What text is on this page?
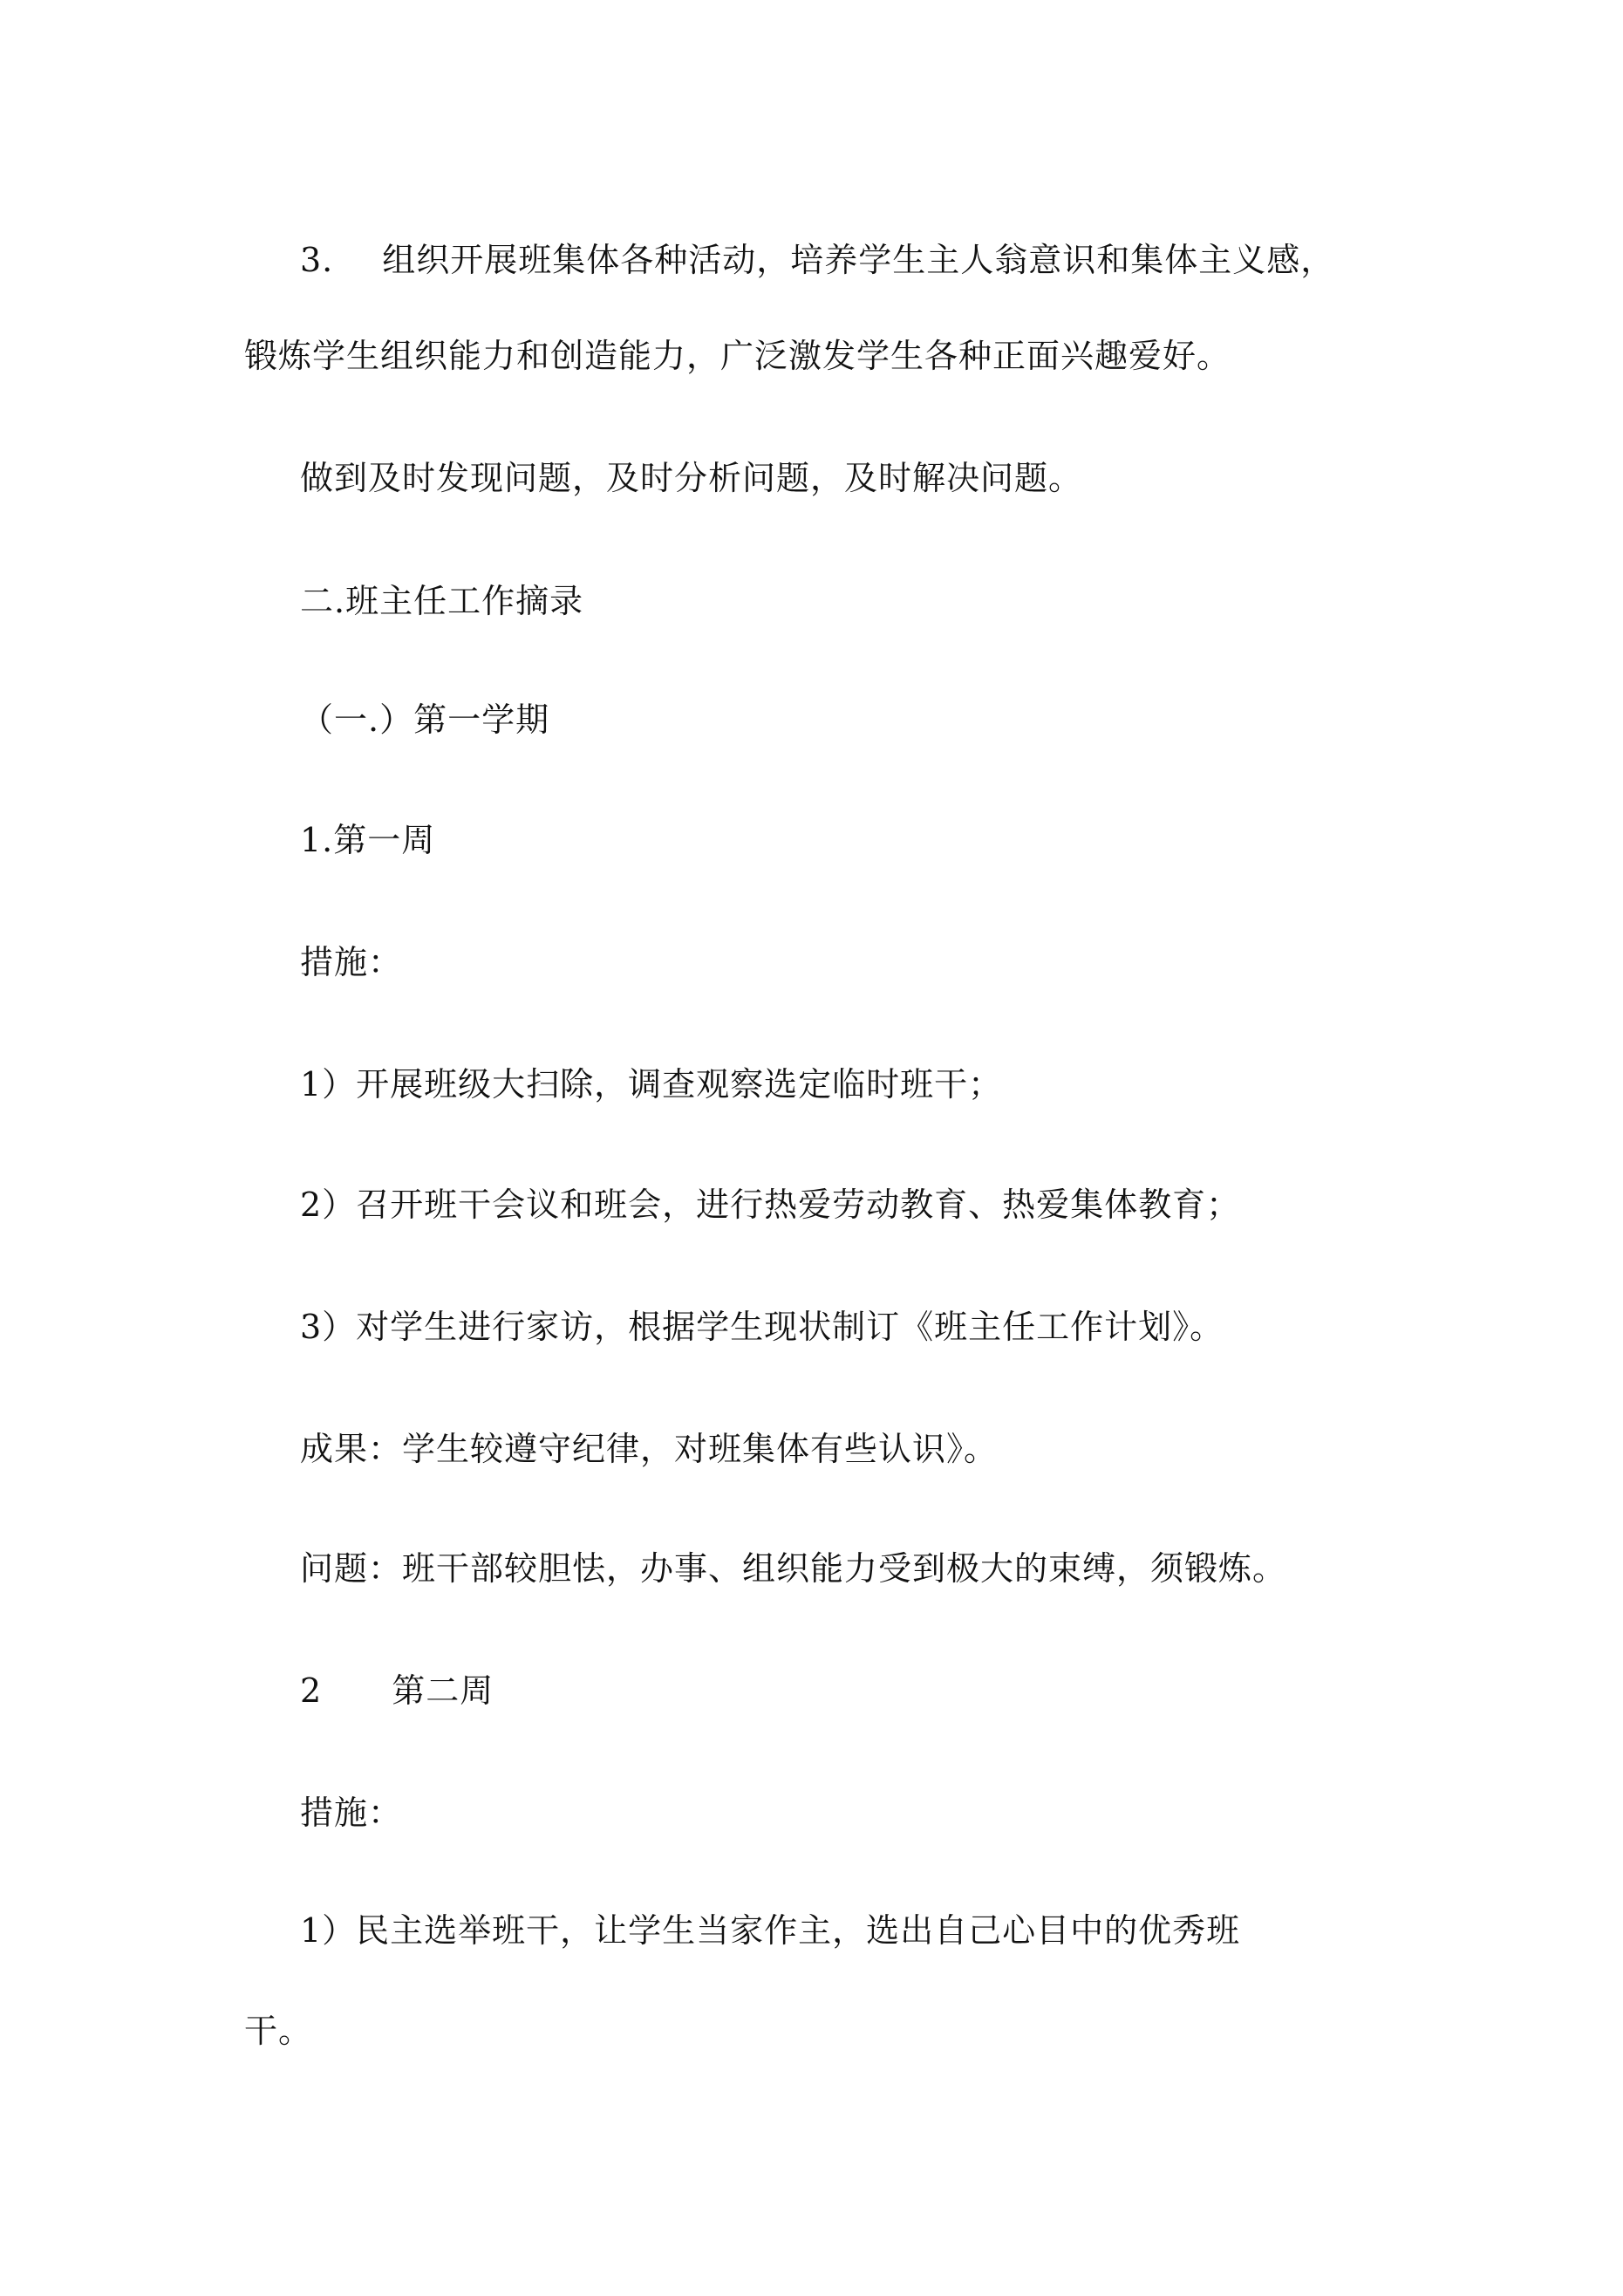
3. 组织开展班集体各种活动，培养学生主人翁意识和集体主义感，
锻炼学生组织能力和创造能力，广泛激发学生各种正面兴趣爱好。
做到及时发现问题，及时分析问题，及时解决问题。
二.班主任工作摘录
（一.）第一学期
1.第一周
措施：
1）开展班级大扫除，调查观察选定临时班干；
2）召开班干会议和班会，进行热爱劳动教育、热爱集体教育；
3）对学生进行家访，根据学生现状制订《班主任工作计划》。
成果：学生较遵守纪律，对班集体有些认识》。
问题：班干部较胆怯，办事、组织能力受到极大的束缚，须锻炼。
2 第二周
措施：
1）民主选举班干，让学生当家作主，选出自己心目中的优秀班
干。
